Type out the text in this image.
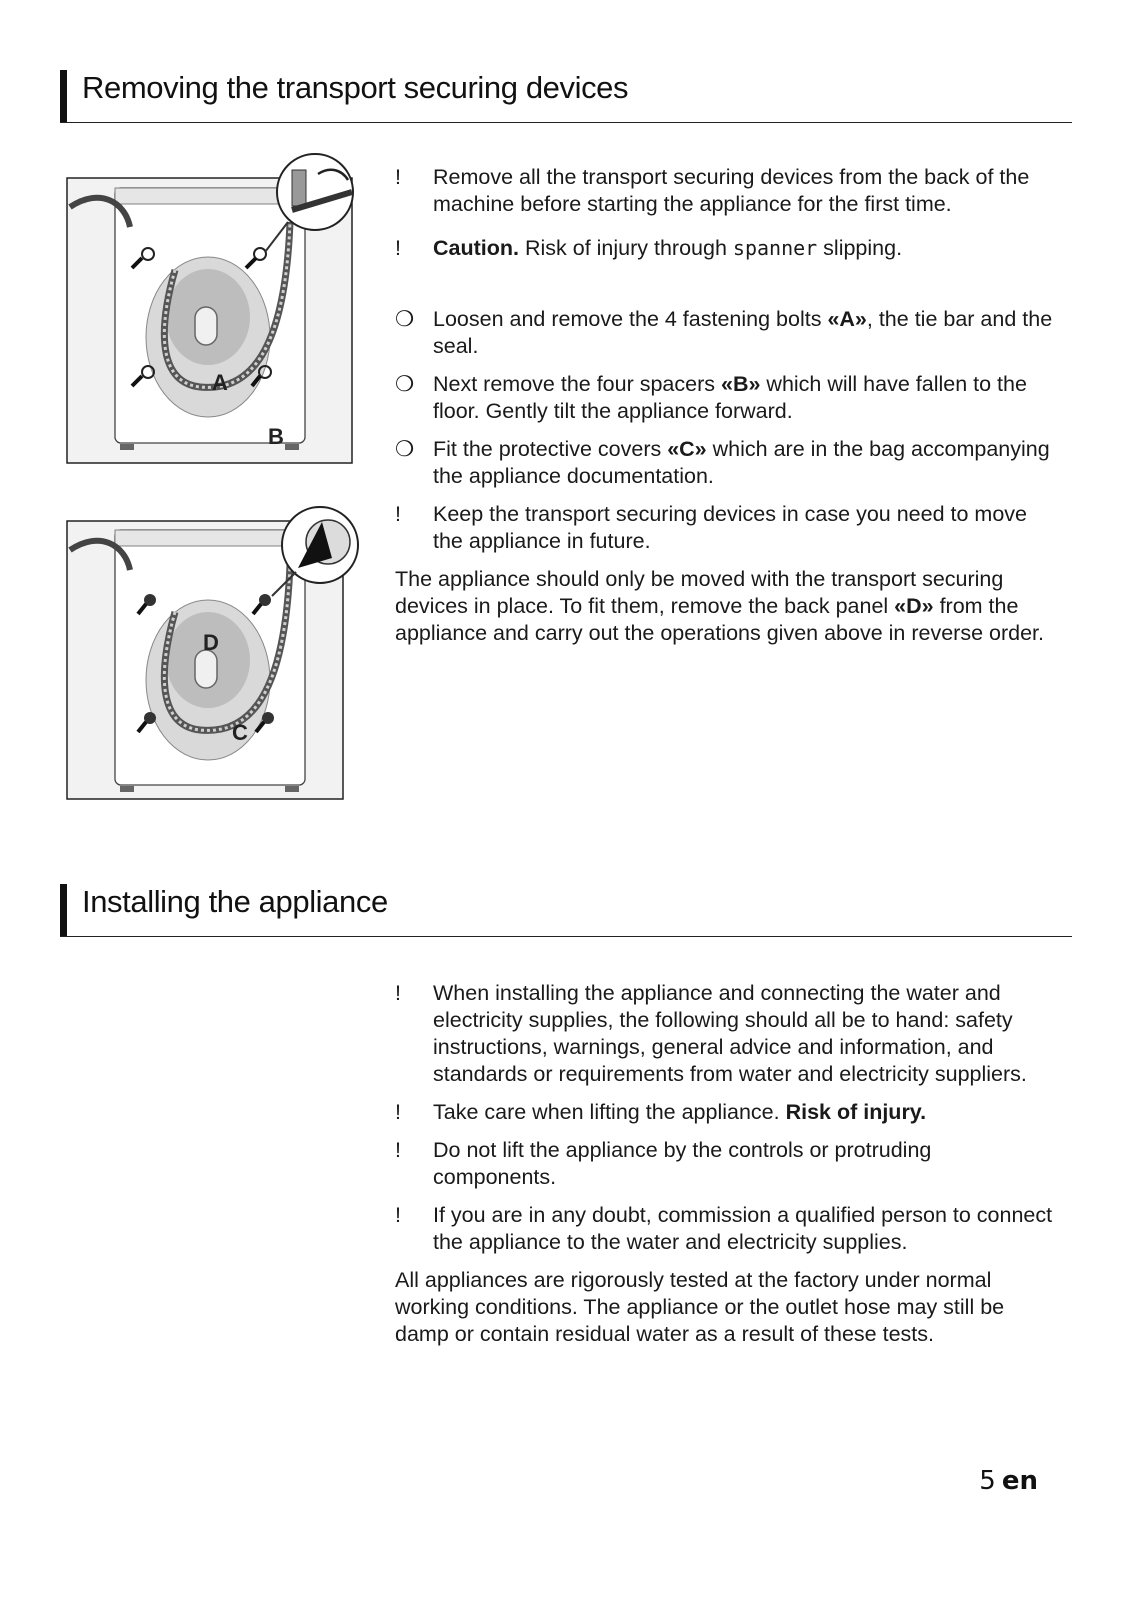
Removing the transport securing devices
A
B
D
C
!	Remove all the transport securing devices from the back of the machine before starting the appliance for the first time.
!	Caution. Risk of injury through spanner slipping.
❍ Loosen and remove the 4 fastening bolts «A», the tie bar and the seal.
❍ Next remove the four spacers «B» which will have fallen to the floor. Gently tilt the appliance forward.
❍ Fit the protective covers «C» which are in the bag accompanying the appliance documentation.
!	Keep the transport securing devices in case you need to move the appliance in future.

The appliance should only be moved with the transport securing devices in place. To fit them, remove the back panel «D» from the appliance and carry out the operations given above in reverse order.

Installing the appliance
!	When installing the appliance and connecting the water and electricity supplies, the following should all be to hand: safety instructions, warnings, general advice and information, and standards or requirements from water and electricity suppliers.
!	Take care when lifting the appliance. Risk of injury.
!	Do not lift the appliance by the controls or protruding components.
!	If you are in any doubt, commission a qualified person to connect the appliance to the water and electricity supplies.

All appliances are rigorously tested at the factory under normal working conditions. The appliance or the outlet hose may still be damp or contain residual water as a result of these tests.

5 en
